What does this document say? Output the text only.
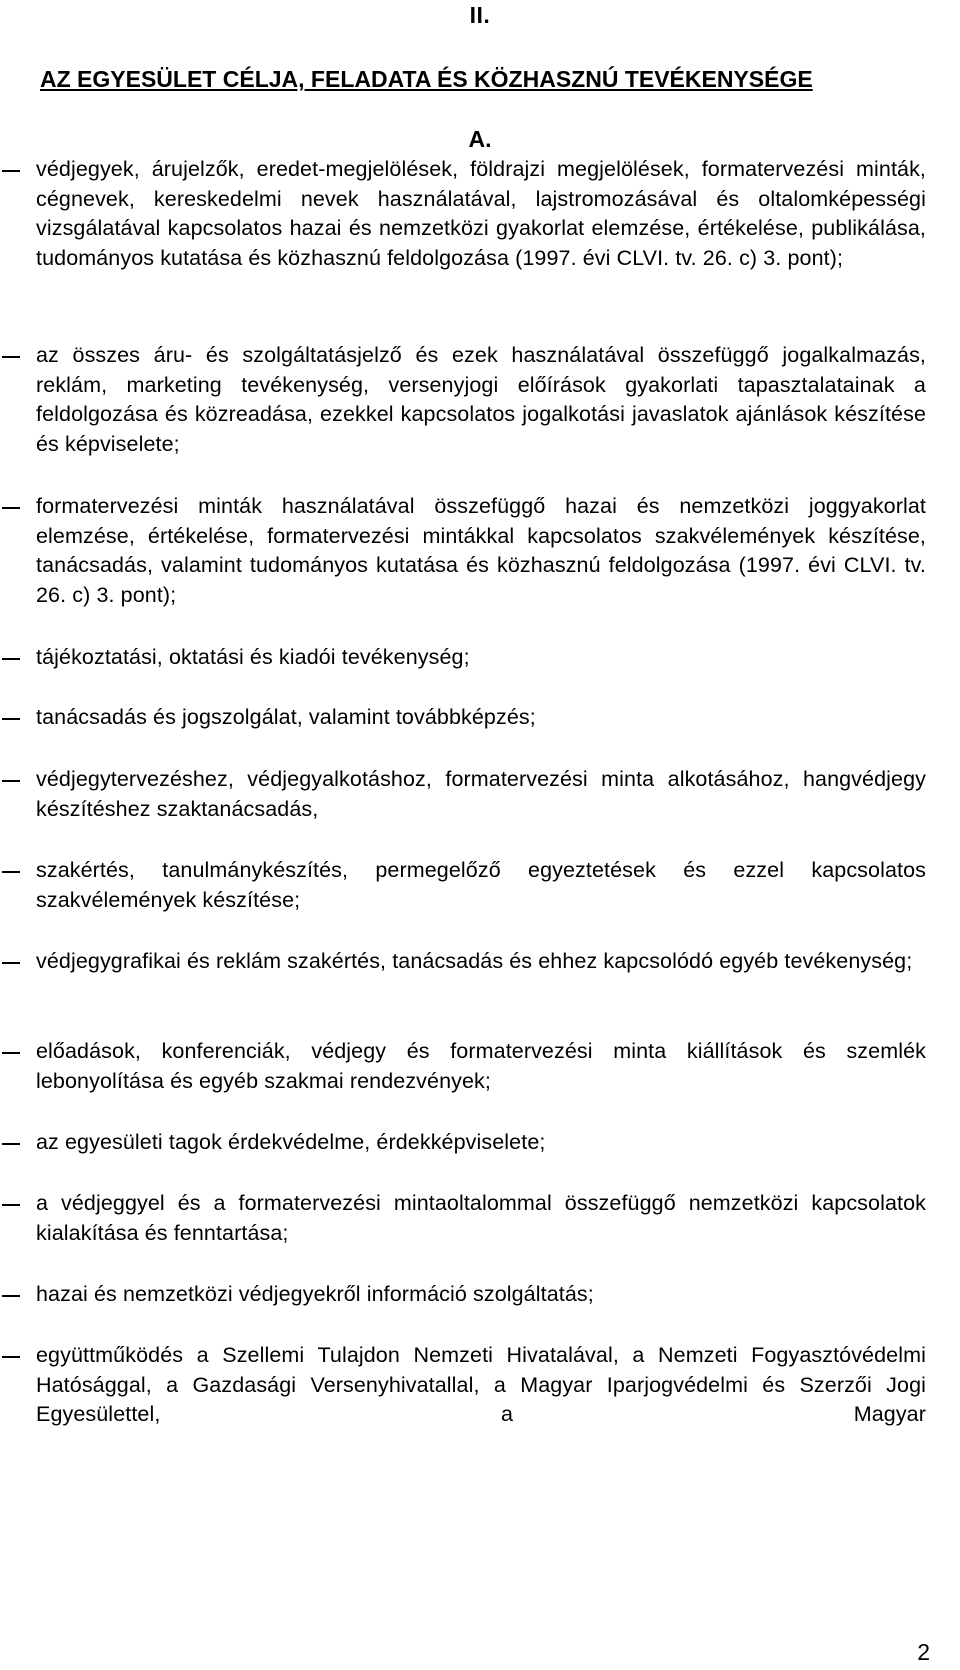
II.
AZ EGYESÜLET CÉLJA, FELADATA ÉS KÖZHASZNÚ TEVÉKENYSÉGE
A.
védjegyek, árujelzők, eredet-megjelölések, földrajzi megjelölések, formatervezési minták, cégnevek, kereskedelmi nevek használatával, lajstromozásával és oltalomképességi vizsgálatával kapcsolatos hazai és nemzetközi gyakorlat elemzése, értékelése, publikálása, tudományos kutatása és közhasznú feldolgozása (1997. évi CLVI. tv. 26. c) 3. pont);
az összes áru- és szolgáltatásjelző és ezek használatával összefüggő jogalkalmazás, reklám, marketing tevékenység, versenyjogi előírások gyakorlati tapasztalatainak a feldolgozása és közreadása, ezekkel kapcsolatos jogalkotási javaslatok ajánlások készítése és képviselete;
formatervezési minták használatával összefüggő hazai és nemzetközi joggyakorlat elemzése, értékelése, formatervezési mintákkal kapcsolatos szakvélemények készítése, tanácsadás, valamint tudományos kutatása és közhasznú feldolgozása (1997. évi CLVI. tv. 26. c) 3. pont);
tájékoztatási, oktatási és kiadói tevékenység;
tanácsadás és jogszolgálat, valamint továbbképzés;
védjegytervezéshez, védjegyalkotáshoz, formatervezési minta alkotásához, hangvédjegy készítéshez szaktanácsadás,
szakértés, tanulmánykészítés, permegelőző egyeztetések és ezzel kapcsolatos szakvélemények készítése;
védjegygrafikai és reklám szakértés, tanácsadás és ehhez kapcsolódó egyéb tevékenység;
előadások, konferenciák, védjegy és formatervezési minta kiállítások és szemlék lebonyolítása és egyéb szakmai rendezvények;
az egyesületi tagok érdekvédelme, érdekképviselete;
a védjeggyel és a formatervezési mintaoltalommal összefüggő nemzetközi kapcsolatok kialakítása és fenntartása;
hazai és nemzetközi védjegyekről információ szolgáltatás;
együttműködés a Szellemi Tulajdon Nemzeti Hivatalával, a Nemzeti Fogyasztóvédelmi Hatósággal, a Gazdasági Versenyhivatallal, a Magyar Iparjogvédelmi és Szerzői Jogi Egyesülettel, a Magyar
2
